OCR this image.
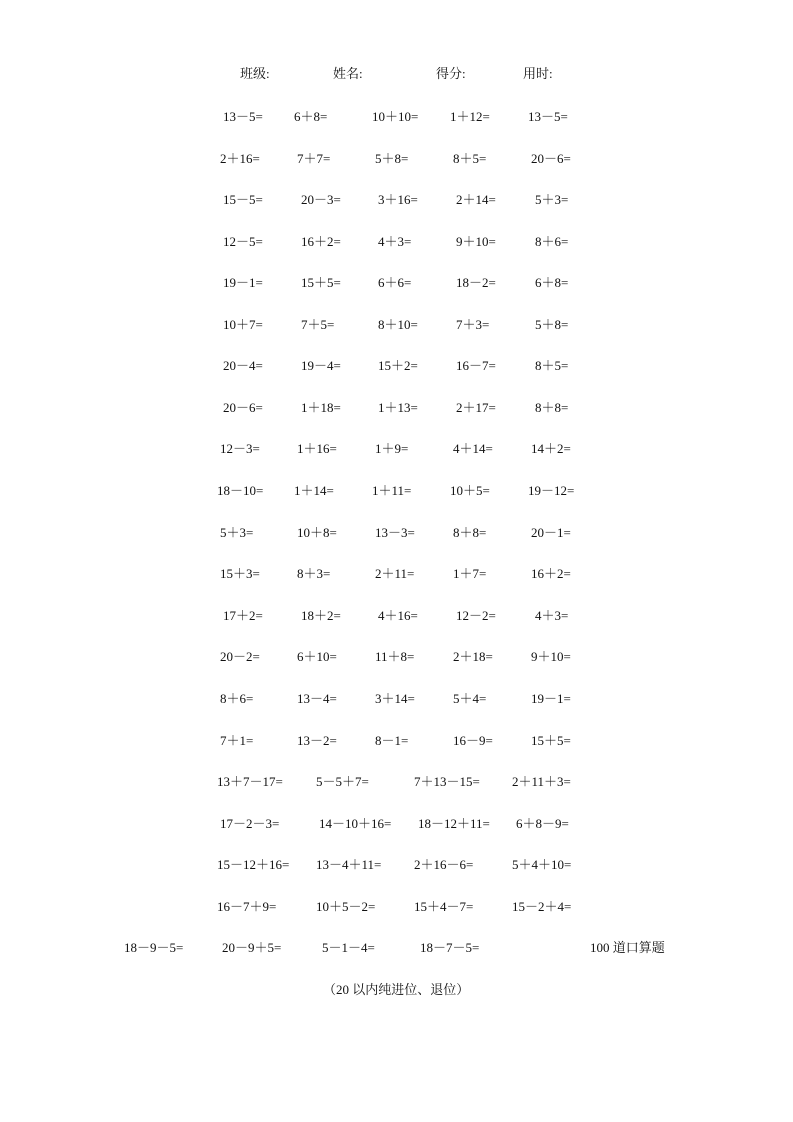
班级:	姓名:	得分:	用时:
13－5= 6＋8=	10＋10= 1＋12=	13－5=
2＋16=	7＋7=	5＋8=	8＋5=	20－6=
15－5=	20－3=	3＋16=	2＋14=	5＋3=
12－5=	16＋2=	4＋3=	9＋10=	8＋6=
19－1=	15＋5=	6＋6=	18－2=	6＋8=
10＋7=	7＋5=	8＋10=	7＋3=	5＋8=
20－4=	19－4=	15＋2=	16－7=	8＋5=
20－6=	1＋18=	1＋13=	2＋17=	8＋8=
12－3=	1＋16=	1＋9=	4＋14=	14＋2=
18－10= 1＋14=	1＋11=	10＋5=	19－12=
5＋3=	10＋8=	13－3=	8＋8=	20－1=
15＋3=	8＋3=	2＋11=	1＋7=	16＋2=
17＋2=	18＋2=	4＋16=	12－2=	4＋3=
20－2=	6＋10=	11＋8=	2＋18=	9＋10=
8＋6=	13－4=	3＋14=	5＋4=	19－1=
7＋1=	13－2=	8－1=	16－9=	15＋5=
13＋7－17=	5－5＋7=	7＋13－15= 2＋11＋3=
17－2－3=	14－10＋16= 18－12＋11= 6＋8－9=
15－12＋16= 13－4＋11=	2＋16－6=	5＋4＋10=
16－7＋9=	10＋5－2=	15＋4－7=	15－2＋4=
18－9－5=	20－9＋5=	5－1－4=	18－7－5=	100 道口算题
（20 以内纯进位、退位）
